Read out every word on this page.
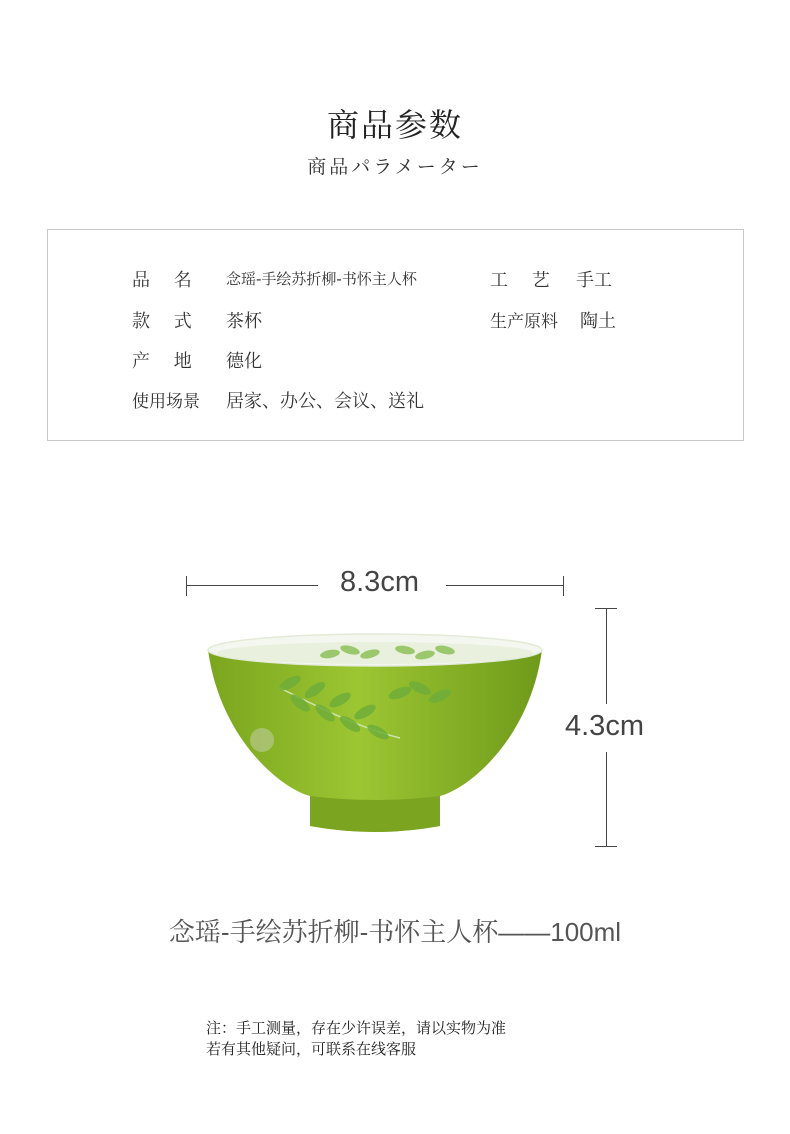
商品参数
商品パラメーター
品　 名 念瑶-手绘苏折柳-书怀主人杯	工　 艺 手工
款　 式 茶杯	生产原料 陶土
产　 地 德化
使用场景 居家、办公、会议、送礼
8.3cm
4.3cm
念瑶-手绘苏折柳-书怀主人杯——100ml
注：手工测量，存在少许误差，请以实物为准
若有其他疑问，可联系在线客服
